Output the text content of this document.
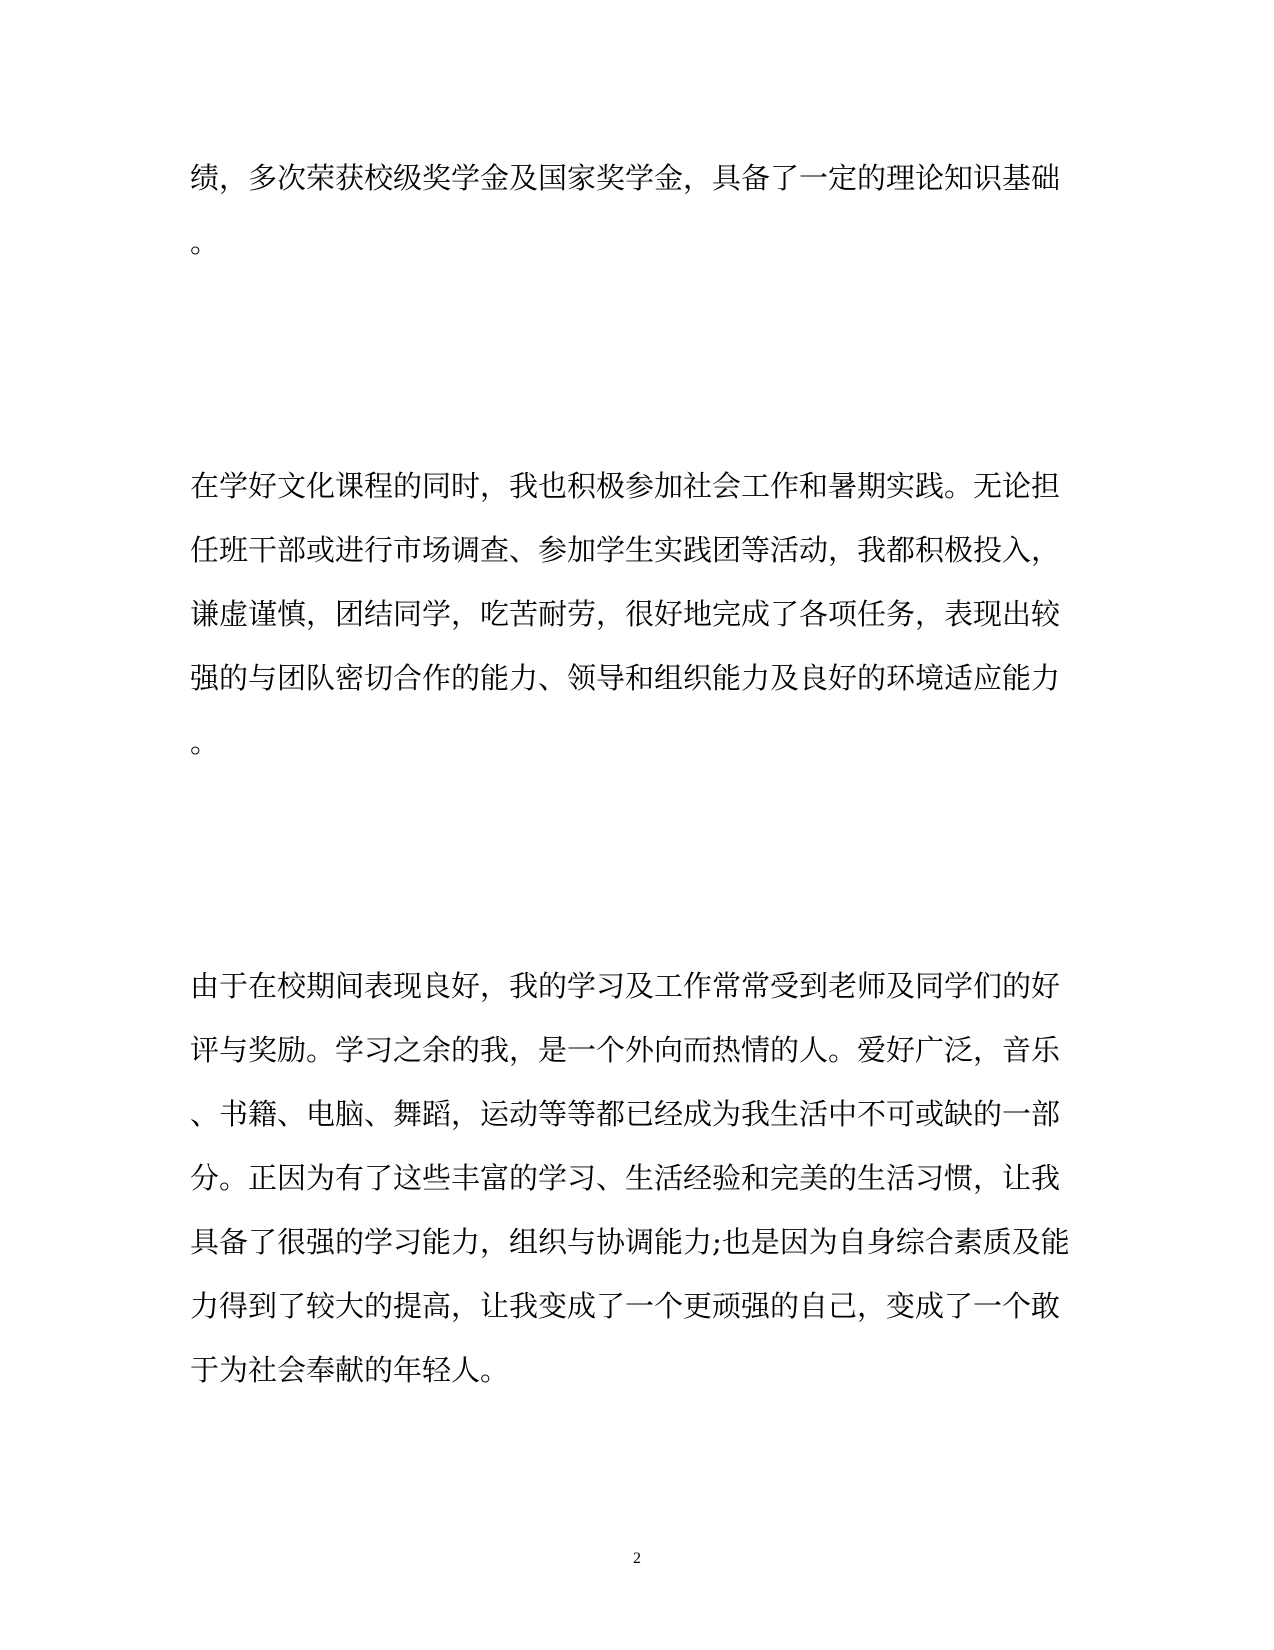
绩，多次荣获校级奖学金及国家奖学金，具备了一定的理论知识基础
。
在学好文化课程的同时，我也积极参加社会工作和暑期实践。无论担
任班干部或进行市场调查、参加学生实践团等活动，我都积极投入，
谦虚谨慎，团结同学，吃苦耐劳，很好地完成了各项任务，表现出较
强的与团队密切合作的能力、领导和组织能力及良好的环境适应能力
。
由于在校期间表现良好，我的学习及工作常常受到老师及同学们的好
评与奖励。学习之余的我，是一个外向而热情的人。爱好广泛，音乐
、书籍、电脑、舞蹈，运动等等都已经成为我生活中不可或缺的一部
分。正因为有了这些丰富的学习、生活经验和完美的生活习惯，让我
具备了很强的学习能力，组织与协调能力;也是因为自身综合素质及能
力得到了较大的提高，让我变成了一个更顽强的自己，变成了一个敢
于为社会奉献的年轻人。
2
